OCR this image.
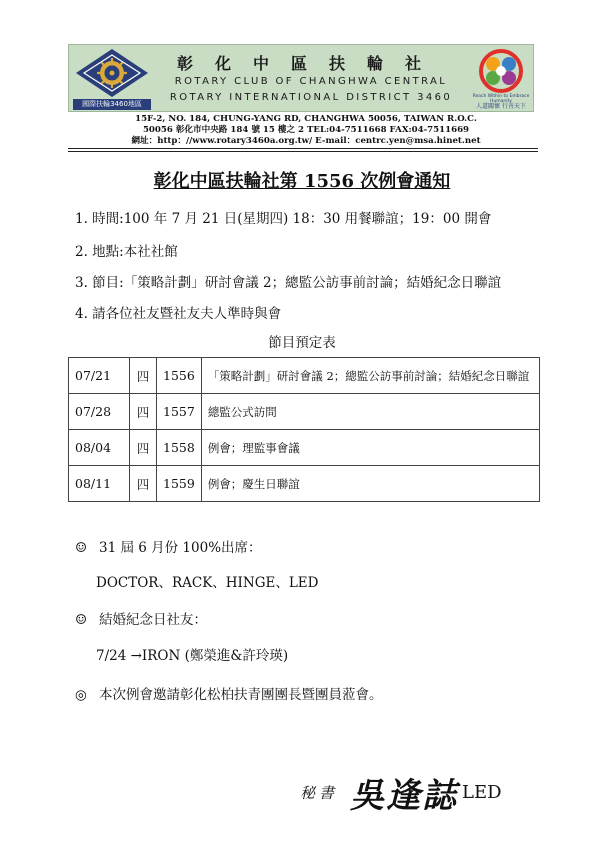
國際扶輪3460地區
彰化中區扶輪社
ROTARY CLUB OF CHANGHWA CENTRAL
ROTARY INTERNATIONAL DISTRICT 3460	Reach Within to Embrace Humanity
人道關懷 行善天下
15F-2, NO. 184, CHUNG-YANG RD, CHANGHWA 50056, TAIWAN R.O.C.
50056 彰化市中央路 184 號 15 樓之 2 TEL:04-7511668 FAX:04-7511669
網址：http：//www.rotary3460a.org.tw/ E-mail：centrc.yen@msa.hinet.net
彰化中區扶輪社第 1556 次例會通知
1. 時間:100 年 7 月 21 日(星期四) 18：30 用餐聯誼；19：00 開會
2. 地點:本社社館
3. 節目:「策略計劃」研討會議 2；總監公訪事前討論；結婚紀念日聯誼
4. 請各位社友暨社友夫人準時與會
節目預定表
07/21	四	1556	「策略計劃」研討會議 2；總監公訪事前討論；結婚紀念日聯誼
07/28	四	1557	總監公式訪問
08/04	四	1558	例會；理監事會議
08/11	四	1559	例會；慶生日聯誼
☺ 31 屆 6 月份 100%出席：
DOCTOR、RACK、HINGE、LED
☺ 結婚紀念日社友：
7/24 →IRON (鄭榮進&許玲瑛)
◎ 本次例會邀請彰化松柏扶青團團長暨團員蒞會。
秘書 吳逢誌 LED
